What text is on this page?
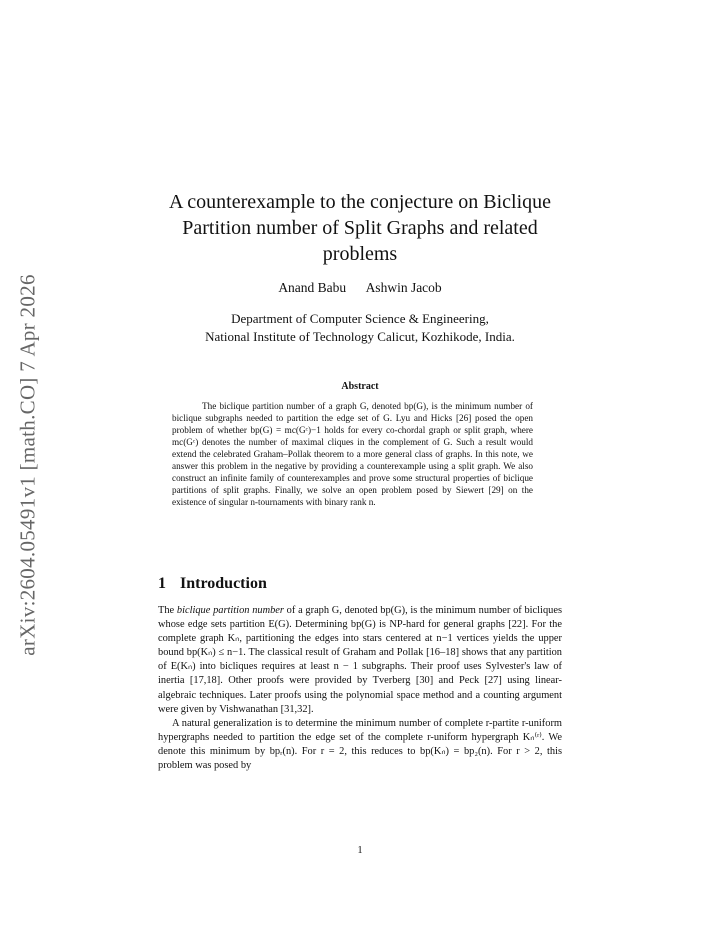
arXiv:2604.05491v1 [math.CO] 7 Apr 2026
A counterexample to the conjecture on Biclique Partition number of Split Graphs and related problems
Anand Babu Ashwin Jacob
Department of Computer Science & Engineering,
National Institute of Technology Calicut, Kozhikode, India.
Abstract

The biclique partition number of a graph G, denoted bp(G), is the minimum number of biclique subgraphs needed to partition the edge set of G. Lyu and Hicks [26] posed the open problem of whether bp(G) = mc(Gᶜ)−1 holds for every co-chordal graph or split graph, where mc(Gᶜ) denotes the number of maximal cliques in the complement of G. Such a result would extend the celebrated Graham–Pollak theorem to a more general class of graphs. In this note, we answer this problem in the negative by providing a counterexample using a split graph. We also construct an infinite family of counterexamples and prove some structural properties of biclique partitions of split graphs. Finally, we solve an open problem posed by Siewert [29] on the existence of singular n-tournaments with binary rank n.

1 Introduction

The biclique partition number of a graph G, denoted bp(G), is the minimum number of bicliques whose edge sets partition E(G). Determining bp(G) is NP-hard for general graphs [22]. For the complete graph Kₙ, partitioning the edges into stars centered at n−1 vertices yields the upper bound bp(Kₙ) ≤ n−1. The classical result of Graham and Pollak [16–18] shows that any partition of E(Kₙ) into bicliques requires at least n − 1 subgraphs. Their proof uses Sylvester's law of inertia [17,18]. Other proofs were provided by Tverberg [30] and Peck [27] using linear-algebraic techniques. Later proofs using the polynomial space method and a counting argument were given by Vishwanathan [31,32].

A natural generalization is to determine the minimum number of complete r-partite r-uniform hypergraphs needed to partition the edge set of the complete r-uniform hypergraph Kₙ⁽ʳ⁾. We denote this minimum by bpᵣ(n). For r = 2, this reduces to bp(Kₙ) = bp₂(n). For r > 2, this problem was posed by

1
